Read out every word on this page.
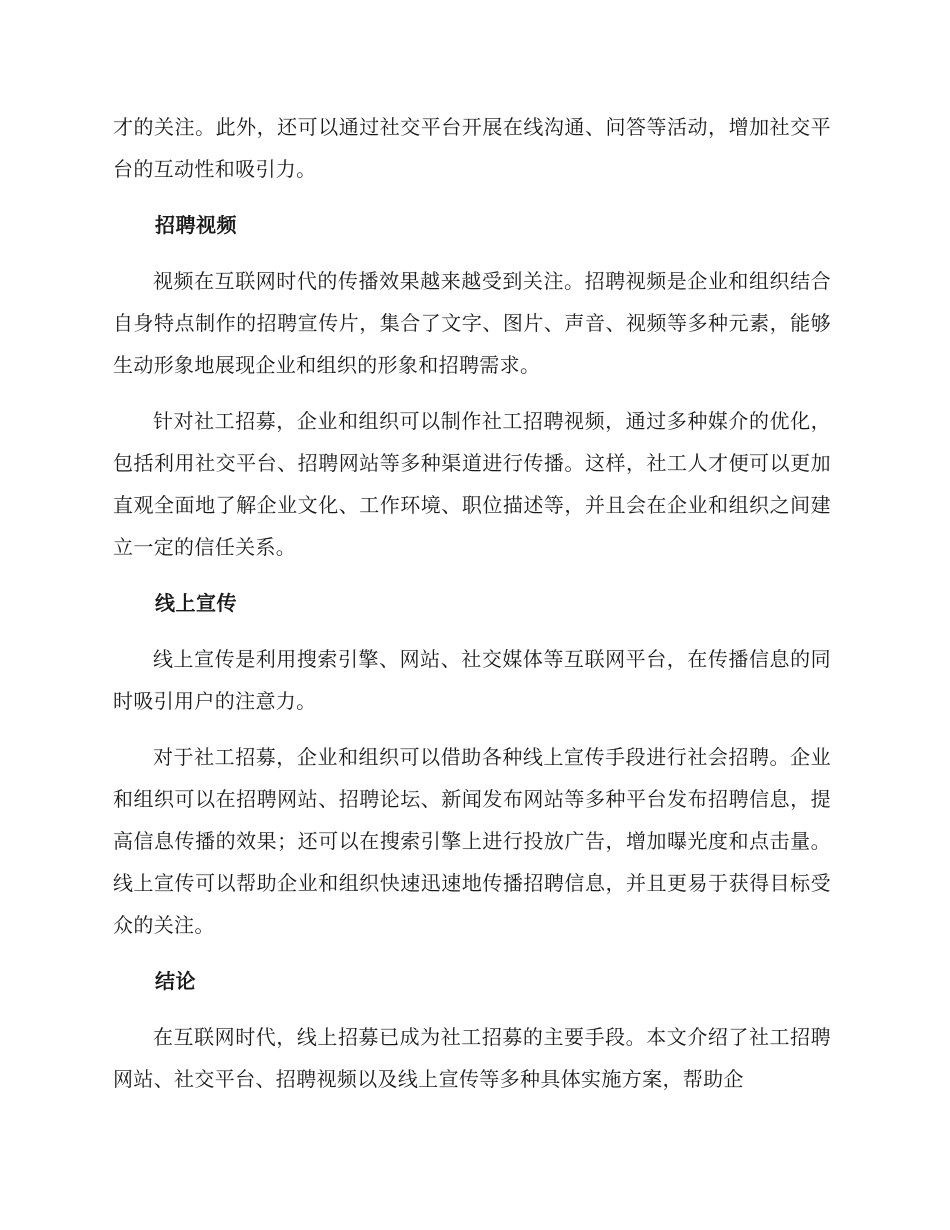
才的关注。此外，还可以通过社交平台开展在线沟通、问答等活动，增加社交平台的互动性和吸引力。

招聘视频

视频在互联网时代的传播效果越来越受到关注。招聘视频是企业和组织结合自身特点制作的招聘宣传片，集合了文字、图片、声音、视频等多种元素，能够生动形象地展现企业和组织的形象和招聘需求。

针对社工招募，企业和组织可以制作社工招聘视频，通过多种媒介的优化，包括利用社交平台、招聘网站等多种渠道进行传播。这样，社工人才便可以更加直观全面地了解企业文化、工作环境、职位描述等，并且会在企业和组织之间建立一定的信任关系。

线上宣传

线上宣传是利用搜索引擎、网站、社交媒体等互联网平台，在传播信息的同时吸引用户的注意力。

对于社工招募，企业和组织可以借助各种线上宣传手段进行社会招聘。企业和组织可以在招聘网站、招聘论坛、新闻发布网站等多种平台发布招聘信息，提高信息传播的效果；还可以在搜索引擎上进行投放广告，增加曝光度和点击量。线上宣传可以帮助企业和组织快速迅速地传播招聘信息，并且更易于获得目标受众的关注。

结论

在互联网时代，线上招募已成为社工招募的主要手段。本文介绍了社工招聘网站、社交平台、招聘视频以及线上宣传等多种具体实施方案，帮助企
